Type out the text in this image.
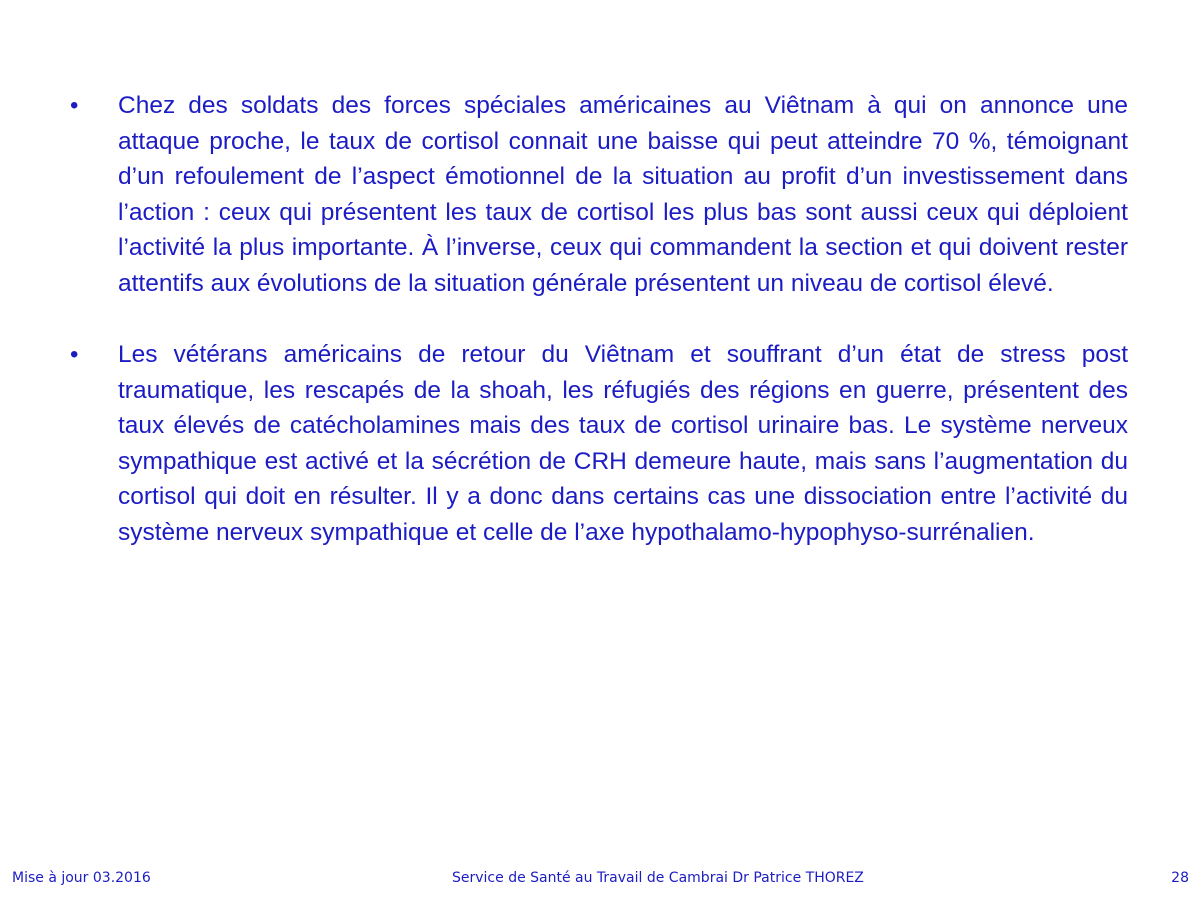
•	Chez des soldats des forces spéciales américaines au Viêtnam à qui on annonce une attaque proche, le taux de cortisol connait une baisse qui peut atteindre 70 %, témoignant d’un refoulement de l’aspect émotionnel de la situation au profit d’un investissement dans l’action : ceux qui présentent les taux de cortisol les plus bas sont aussi ceux qui déploient l’activité la plus importante. À l’inverse, ceux qui commandent la section et qui doivent rester attentifs aux évolutions de la situation générale présentent un niveau de cortisol élevé.
•	Les vétérans américains de retour du Viêtnam et souffrant d’un état de stress post traumatique, les rescapés de la shoah, les réfugiés des régions en guerre, présentent des taux élevés de catécholamines mais des taux de cortisol urinaire bas. Le système nerveux sympathique est activé et la sécrétion de CRH demeure haute, mais sans l’augmentation du cortisol qui doit en résulter. Il y a donc dans certains cas une dissociation entre l’activité du système nerveux sympathique et celle de l’axe hypothalamo-hypophyso-surrénalien.
Mise à jour 03.2016	Service de Santé au Travail de Cambrai Dr Patrice THOREZ	28
